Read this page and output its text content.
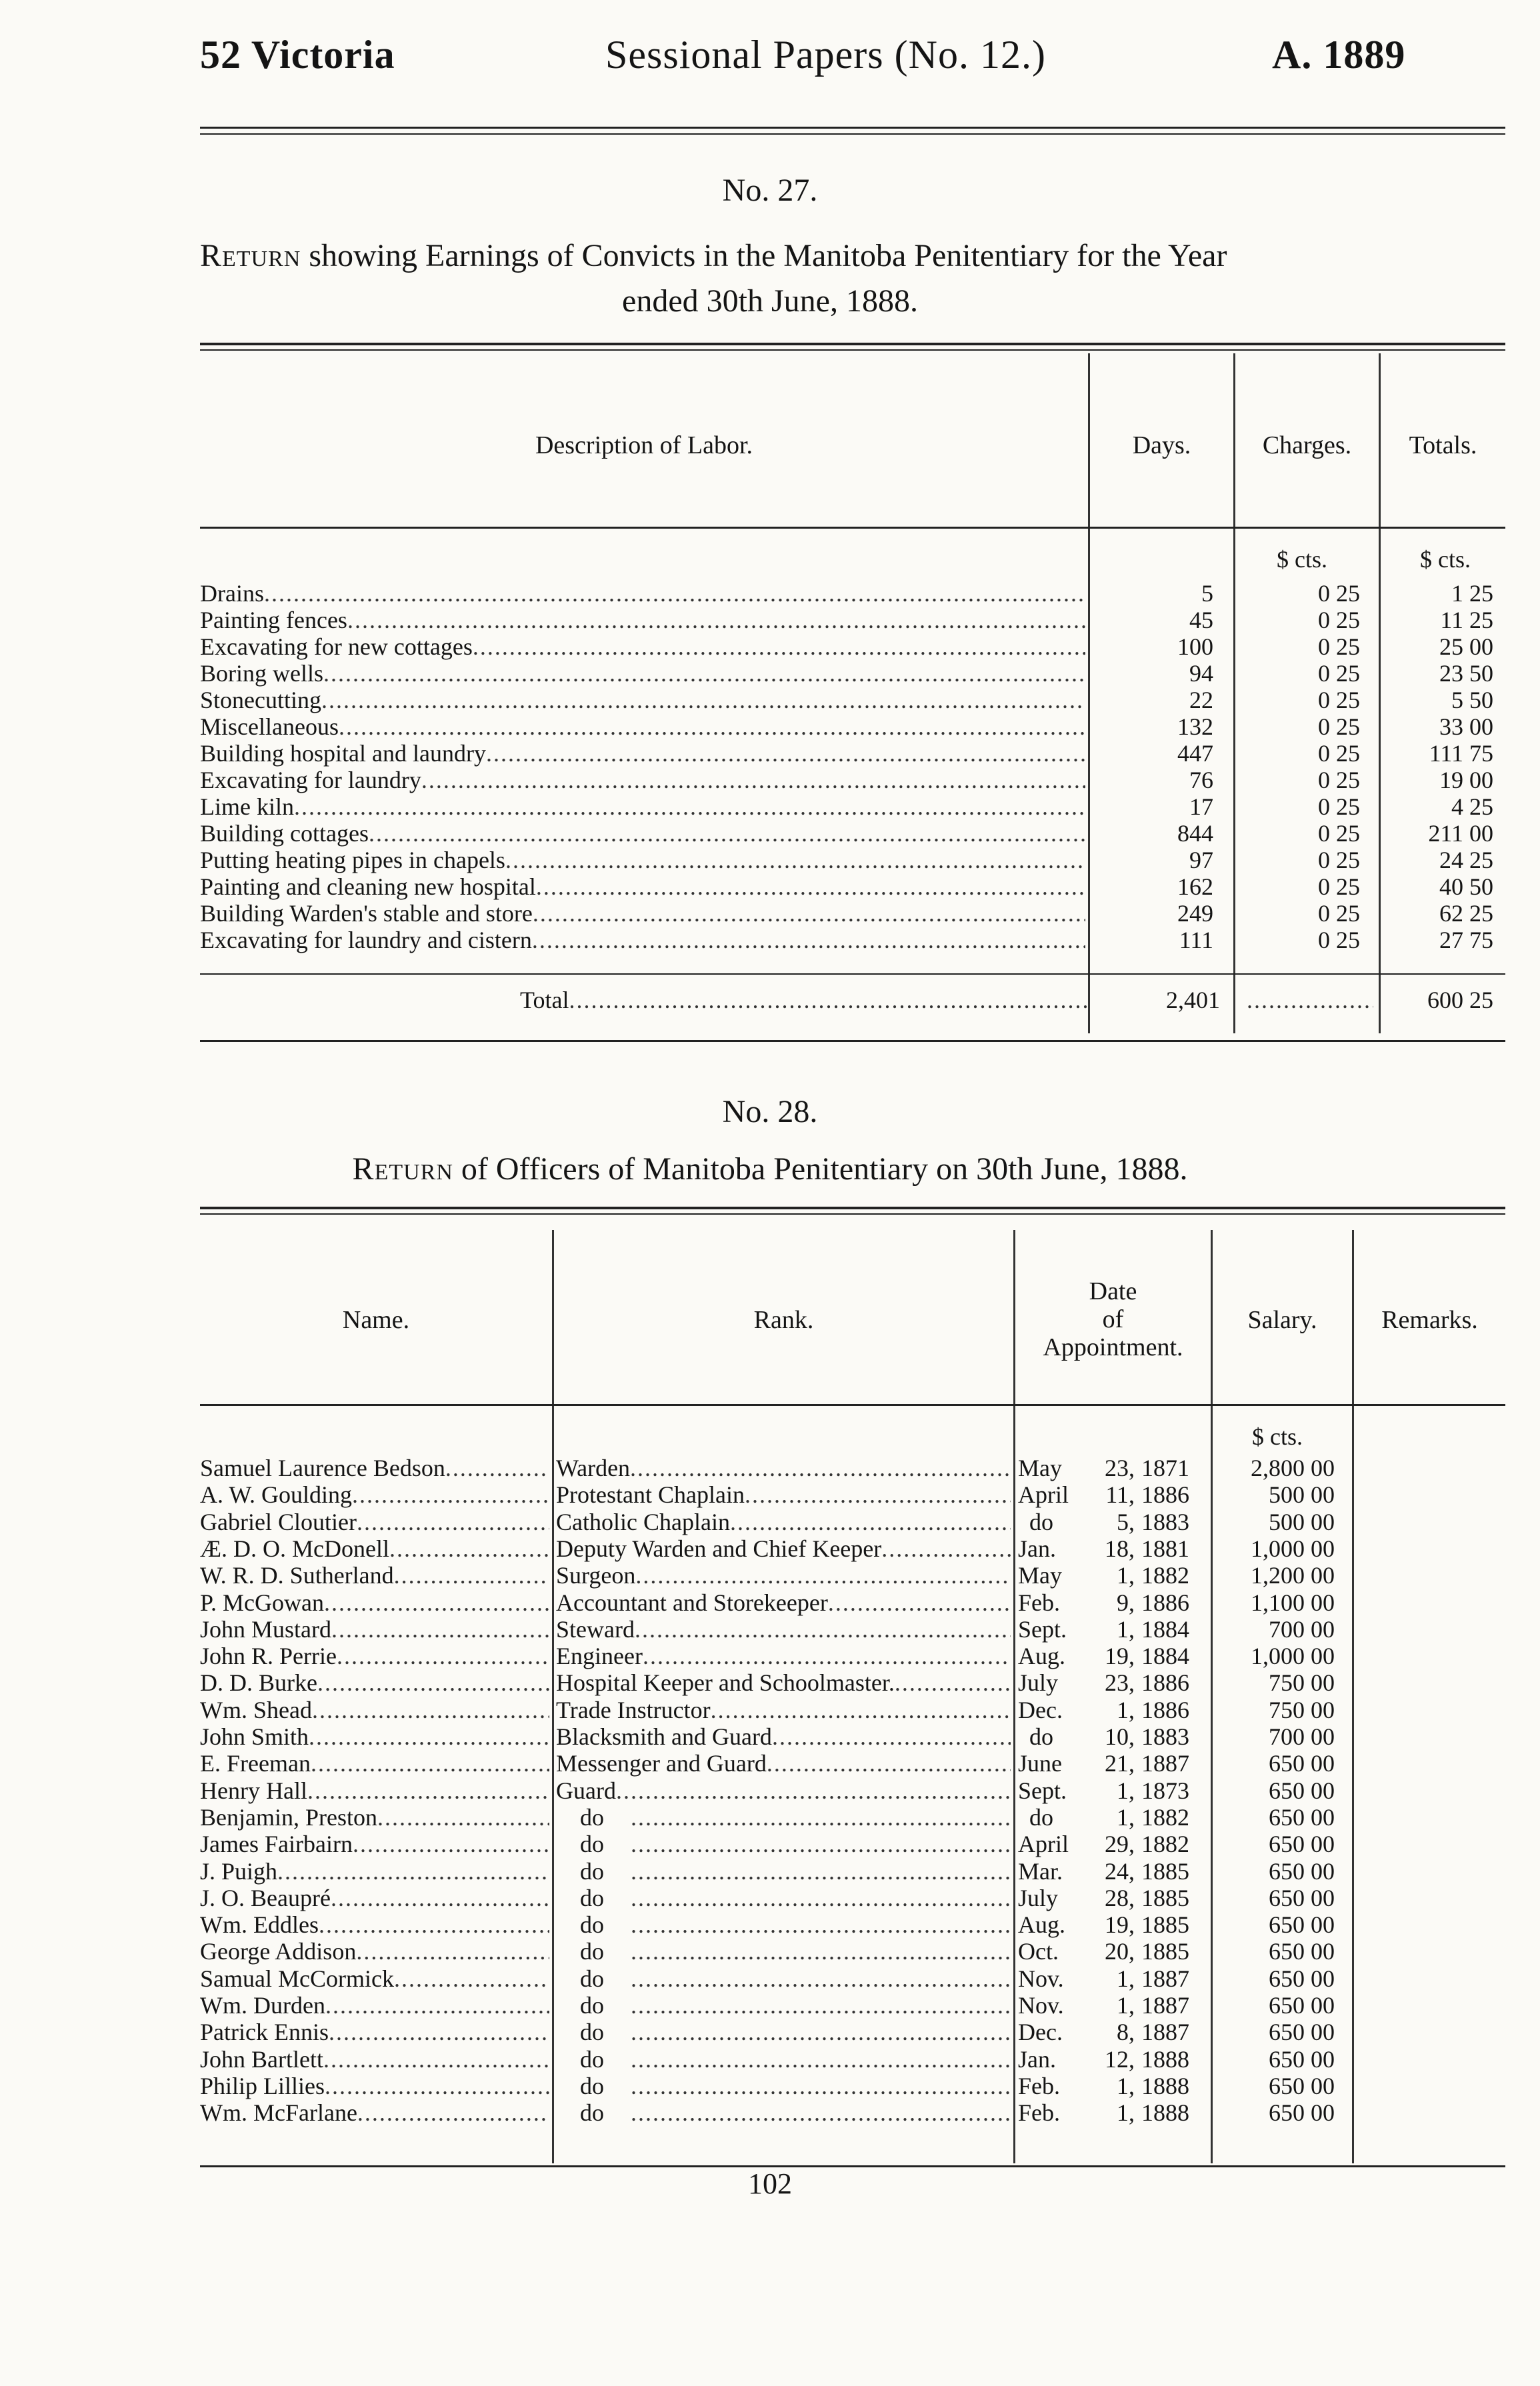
52 Victoria	Sessional Papers (No. 12.)	A. 1889
No. 27.
Return showing Earnings of Convicts in the Manitoba Penitentiary for the Year
ended 30th June, 1888.
Description of Labor.	Days.	Charges.	Totals.
$ cts.	$ cts.
Drains .....	5	0 25	1 25
Painting fences .....	45	0 25	11 25
Excavating for new cottages .....	100	0 25	25 00
Boring wells .....	94	0 25	23 50
Stonecutting .....	22	0 25	5 50
Miscellaneous .....	132	0 25	33 00
Building hospital and laundry .....	447	0 25	111 75
Excavating for laundry .....	76	0 25	19 00
Lime kiln .....	17	0 25	4 25
Building cottages .....	844	0 25	211 00
Putting heating pipes in chapels .....	97	0 25	24 25
Painting and cleaning new hospital .....	162	0 25	40 50
Building Warden's stable and store .....	249	0 25	62 25
Excavating for laundry and cistern .....	111	0 25	27 75
Total .....	2,401 .....	600 25
No. 28.
Return of Officers of Manitoba Penitentiary on 30th June, 1888.
Name.	Rank.
Date
of
Appointment.
Salary.	Remarks.
$ cts.
Samuel Laurence Bedson .....	Warden .....	May	23, 1871	2,800 00
A. W. Goulding .....	Protestant Chaplain .....	April	11, 1886	500 00
Gabriel Cloutier .....	Catholic Chaplain .....	do	5, 1883	500 00
Æ. D. O. McDonell .....	Deputy Warden and Chief Keeper .....	Jan.	18, 1881	1,000 00
W. R. D. Sutherland .....	Surgeon .....	May	1, 1882	1,200 00
P. McGowan .....	Accountant and Storekeeper .....	Feb.	9, 1886	1,100 00
John Mustard .....	Steward .....	Sept.	1, 1884	700 00
John R. Perrie .....	Engineer .....	Aug.	19, 1884	1,000 00
D. D. Burke .....	Hospital Keeper and Schoolmaster. .....	July	23, 1886	750 00
Wm. Shead .....	Trade Instructor .....	Dec.	1, 1886	750 00
John Smith .....	Blacksmith and Guard .....	do	10, 1883	700 00
E. Freeman .....	Messenger and Guard .....	June	21, 1887	650 00
Henry Hall .....	Guard .....	Sept.	1, 1873	650 00
Benjamin, Preston .....	do .....	do	1, 1882	650 00
James Fairbairn .....	do .....	April	29, 1882	650 00
J. Puigh .....	do .....	Mar.	24, 1885	650 00
J. O. Beaupré .....	do .....	July	28, 1885	650 00
Wm. Eddles .....	do .....	Aug.	19, 1885	650 00
George Addison .....	do .....	Oct.	20, 1885	650 00
Samual McCormick .....	do .....	Nov.	1, 1887	650 00
Wm. Durden .....	do .....	Nov.	1, 1887	650 00
Patrick Ennis .....	do .....	Dec.	8, 1887	650 00
John Bartlett .....	do .....	Jan.	12, 1888	650 00
Philip Lillies .....	do .....	Feb.	1, 1888	650 00
Wm. McFarlane .....	do .....	Feb.	1, 1888	650 00
102
